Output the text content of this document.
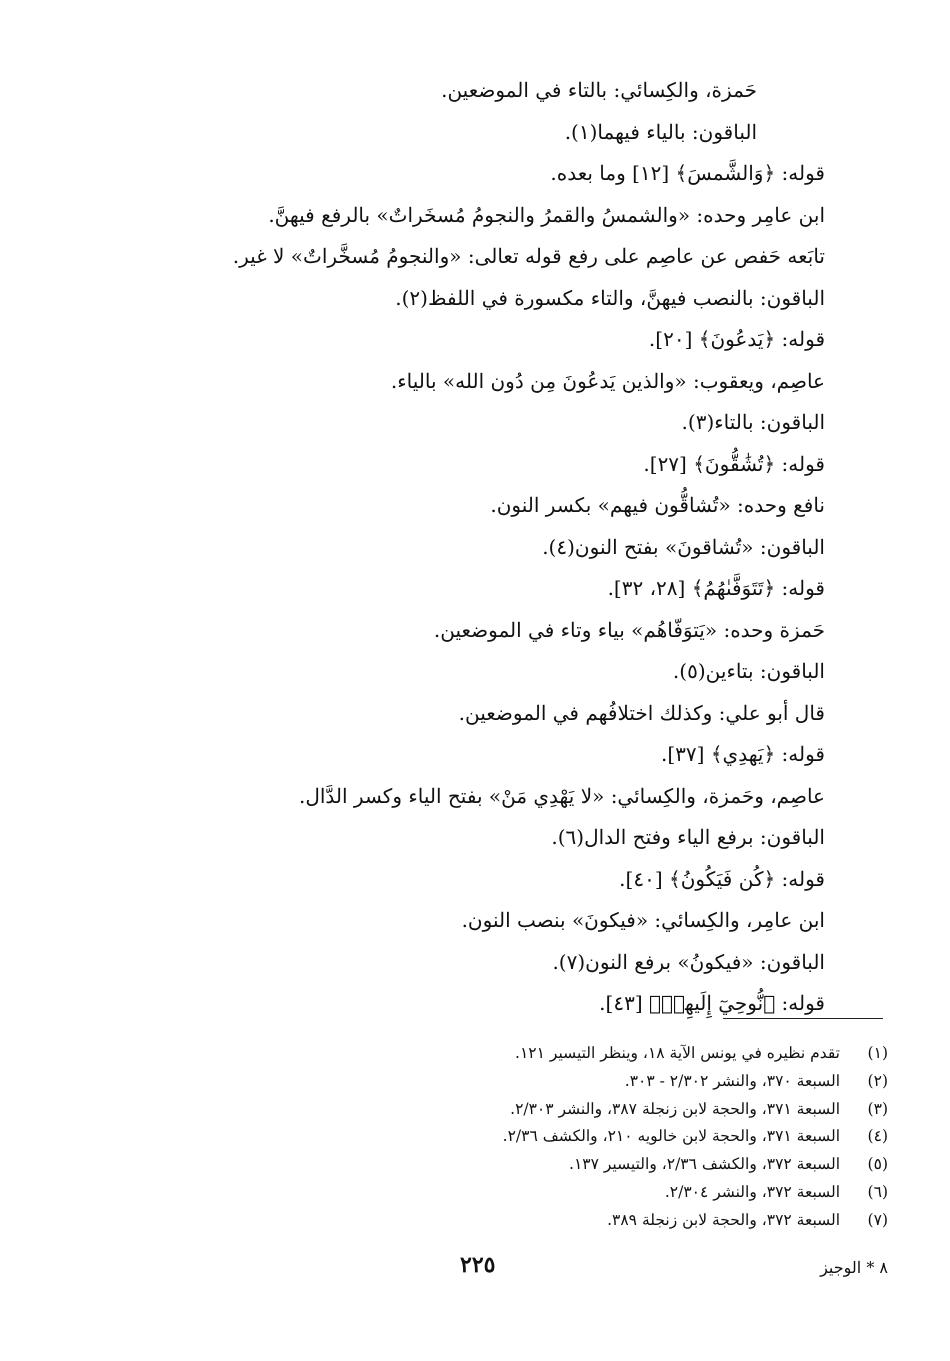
حَمزة، والكِسائي: بالتاء في الموضعين.
الباقون: بالياء فيهما(١).
قوله: ﴿وَالشَّمسَ﴾ [١٢] وما بعده.
ابن عامِر وحده: «والشمسُ والقمرُ والنجومُ مُسخَراتٌ» بالرفع فيهنَّ.
تابَعه حَفص عن عاصِم على رفع قوله تعالى: «والنجومُ مُسخَّراتٌ» لا غير.
الباقون: بالنصب فيهنَّ، والتاء مكسورة في اللفظ(٢).
قوله: ﴿يَدعُونَ﴾ [٢٠].
عاصِم، ويعقوب: «والذين يَدعُونَ مِن دُون الله» بالياء.
الباقون: بالتاء(٣).
قوله: ﴿تُشَٰقُّونَ﴾ [٢٧].
نافع وحده: «تُشاقُّون فيهم» بكسر النون.
الباقون: «تُشاقونَ» بفتح النون(٤).
قوله: ﴿تَتَوَفَّىٰهُمُ﴾ [٢٨، ٣٢].
حَمزة وحده: «يَتوَفّاهُم» بياء وتاء في الموضعين.
الباقون: بتاءين(٥).
قال أبو علي: وكذلك اختلافُهم في الموضعين.
قوله: ﴿يَهدِي﴾ [٣٧].
عاصِم، وحَمزة، والكِسائي: «لا يَهْدِي مَنْ» بفتح الياء وكسر الدَّال.
الباقون: برفع الياء وفتح الدال(٦).
قوله: ﴿كُن فَيَكُونُ﴾ [٤٠].
ابن عامِر، والكِسائي: «فيكونَ» بنصب النون.
الباقون: «فيكونُ» برفع النون(٧).
قوله: ﴿نُّوحِيٓ إِلَيهِمۡ﴾ [٤٣].
(١)تقدم نظيره في يونس الآية ١٨، وينظر التيسير ١٢١.
(٢)السبعة ٣٧٠، والنشر ٢/٣٠٢ - ٣٠٣.
(٣)السبعة ٣٧١، والحجة لابن زنجلة ٣٨٧، والنشر ٢/٣٠٣.
(٤)السبعة ٣٧١، والحجة لابن خالويه ٢١٠، والكشف ٢/٣٦.
(٥)السبعة ٣٧٢، والكشف ٢/٣٦، والتيسير ١٣٧.
(٦)السبعة ٣٧٢، والنشر ٢/٣٠٤.
(٧)السبعة ٣٧٢، والحجة لابن زنجلة ٣٨٩.
٢٢٥	٨ * الوجيز
